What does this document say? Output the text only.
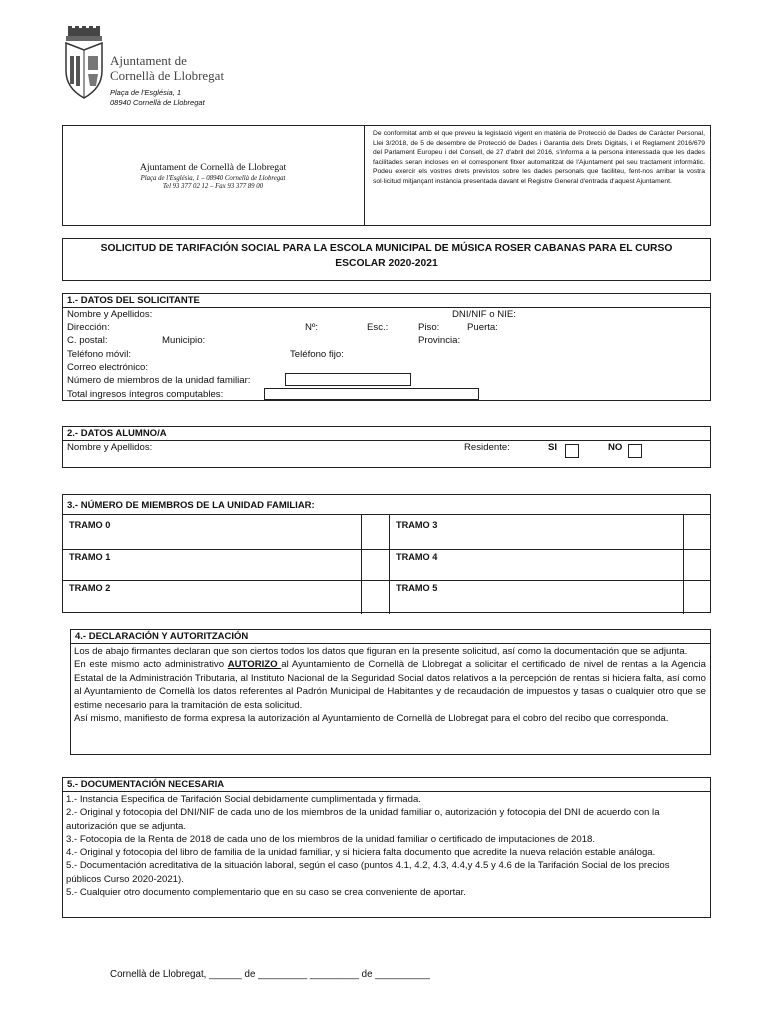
Ajuntament de
Cornellà de Llobregat
Plaça de l'Església, 1
08940 Cornellà de Llobregat
Ajuntament de Cornellà de Llobregat
Plaça de l'Església, 1 – 08940 Cornellà de Llobregat
Tel 93 377 02 12 – Fax 93 377 89 00
De conformitat amb el que preveu la legislació vigent en matèria de Protecció de Dades de Caràcter Personal, Llei 3/2018, de 5 de desembre de Protecció de Dades i Garantia dels Drets Digitals, i el Reglament 2016/679 del Parlament Europeu i del Consell, de 27 d'abril del 2016, s'informa a la persona interessada que les dades facilitades seran incloses en el corresponent fitxer automatitzat de l'Ajuntament pel seu tractament informàtic. Podeu exercir els vostres drets previstos sobre les dades personals que faciliteu, fent-nos arribar la vostra sol·licitud mitjançant instància presentada davant el Registre General d'entrada d'aquest Ajuntament.
SOLICITUD DE TARIFACIÓN SOCIAL PARA LA ESCOLA MUNICIPAL DE MÚSICA ROSER CABANAS PARA EL CURSO
ESCOLAR 2020-2021
1.- DATOS DEL SOLICITANTE
Nombre y Apellidos:	DNI/NIF o NIE:
Dirección:	Nº:	Esc.:	Piso:	Puerta:
C. postal:	Municipio:	Provincia:
Teléfono móvil:	Teléfono fijo:
Correo electrónico:
Número de miembros de la unidad familiar:
Total ingresos íntegros computables:
2.- DATOS ALUMNO/A
Nombre y Apellidos:	Residente:	SI	NO
3.- NÚMERO DE MIEMBROS DE LA UNIDAD FAMILIAR:
TRAMO 0	TRAMO 3
TRAMO 1	TRAMO 4
TRAMO 2	TRAMO 5
4.- DECLARACIÓN Y AUTORITZACIÓN
Los de abajo firmantes declaran que son ciertos todos los datos que figuran en la presente solicitud, así como la documentación que se adjunta.
En este mismo acto administrativo AUTORIZO al Ayuntamiento de Cornellà de Llobregat a solicitar el certificado de nivel de rentas a la Agencia Estatal de la Administración Tributaria, al Instituto Nacional de la Seguridad Social datos relativos a la percepción de rentas si hiciera falta, así como al Ayuntamiento de Cornellà los datos referentes al Padrón Municipal de Habitantes y de recaudación de impuestos y tasas o cualquier otro que se estime necesario para la tramitación de esta solicitud.
Así mismo, manifiesto de forma expresa la autorización al Ayuntamiento de Cornellà de Llobregat para el cobro del recibo que corresponda.
5.- DOCUMENTACIÓN NECESARIA
1.- Instancia Especifica de Tarifación Social debidamente cumplimentada y firmada.
2.- Original y fotocopia del DNI/NIF de cada uno de los miembros de la unidad familiar o, autorización y fotocopia del DNI de acuerdo con la autorización que se adjunta.
3.- Fotocopia de la Renta de 2018 de cada uno de los miembros de la unidad familiar o certificado de imputaciones de 2018.
4.- Original y fotocopia del libro de familia de la unidad familiar, y si hiciera falta documento que acredite la nueva relación estable análoga.
5.- Documentación acreditativa de la situación laboral, según el caso (puntos 4.1, 4.2, 4.3, 4.4,y 4.5 y 4.6 de la Tarifación Social de los precios públicos Curso 2020-2021).
5.- Cualquier otro documento complementario que en su caso se crea conveniente de aportar.
Cornellà de Llobregat, ______ de _________ _________ de __________
